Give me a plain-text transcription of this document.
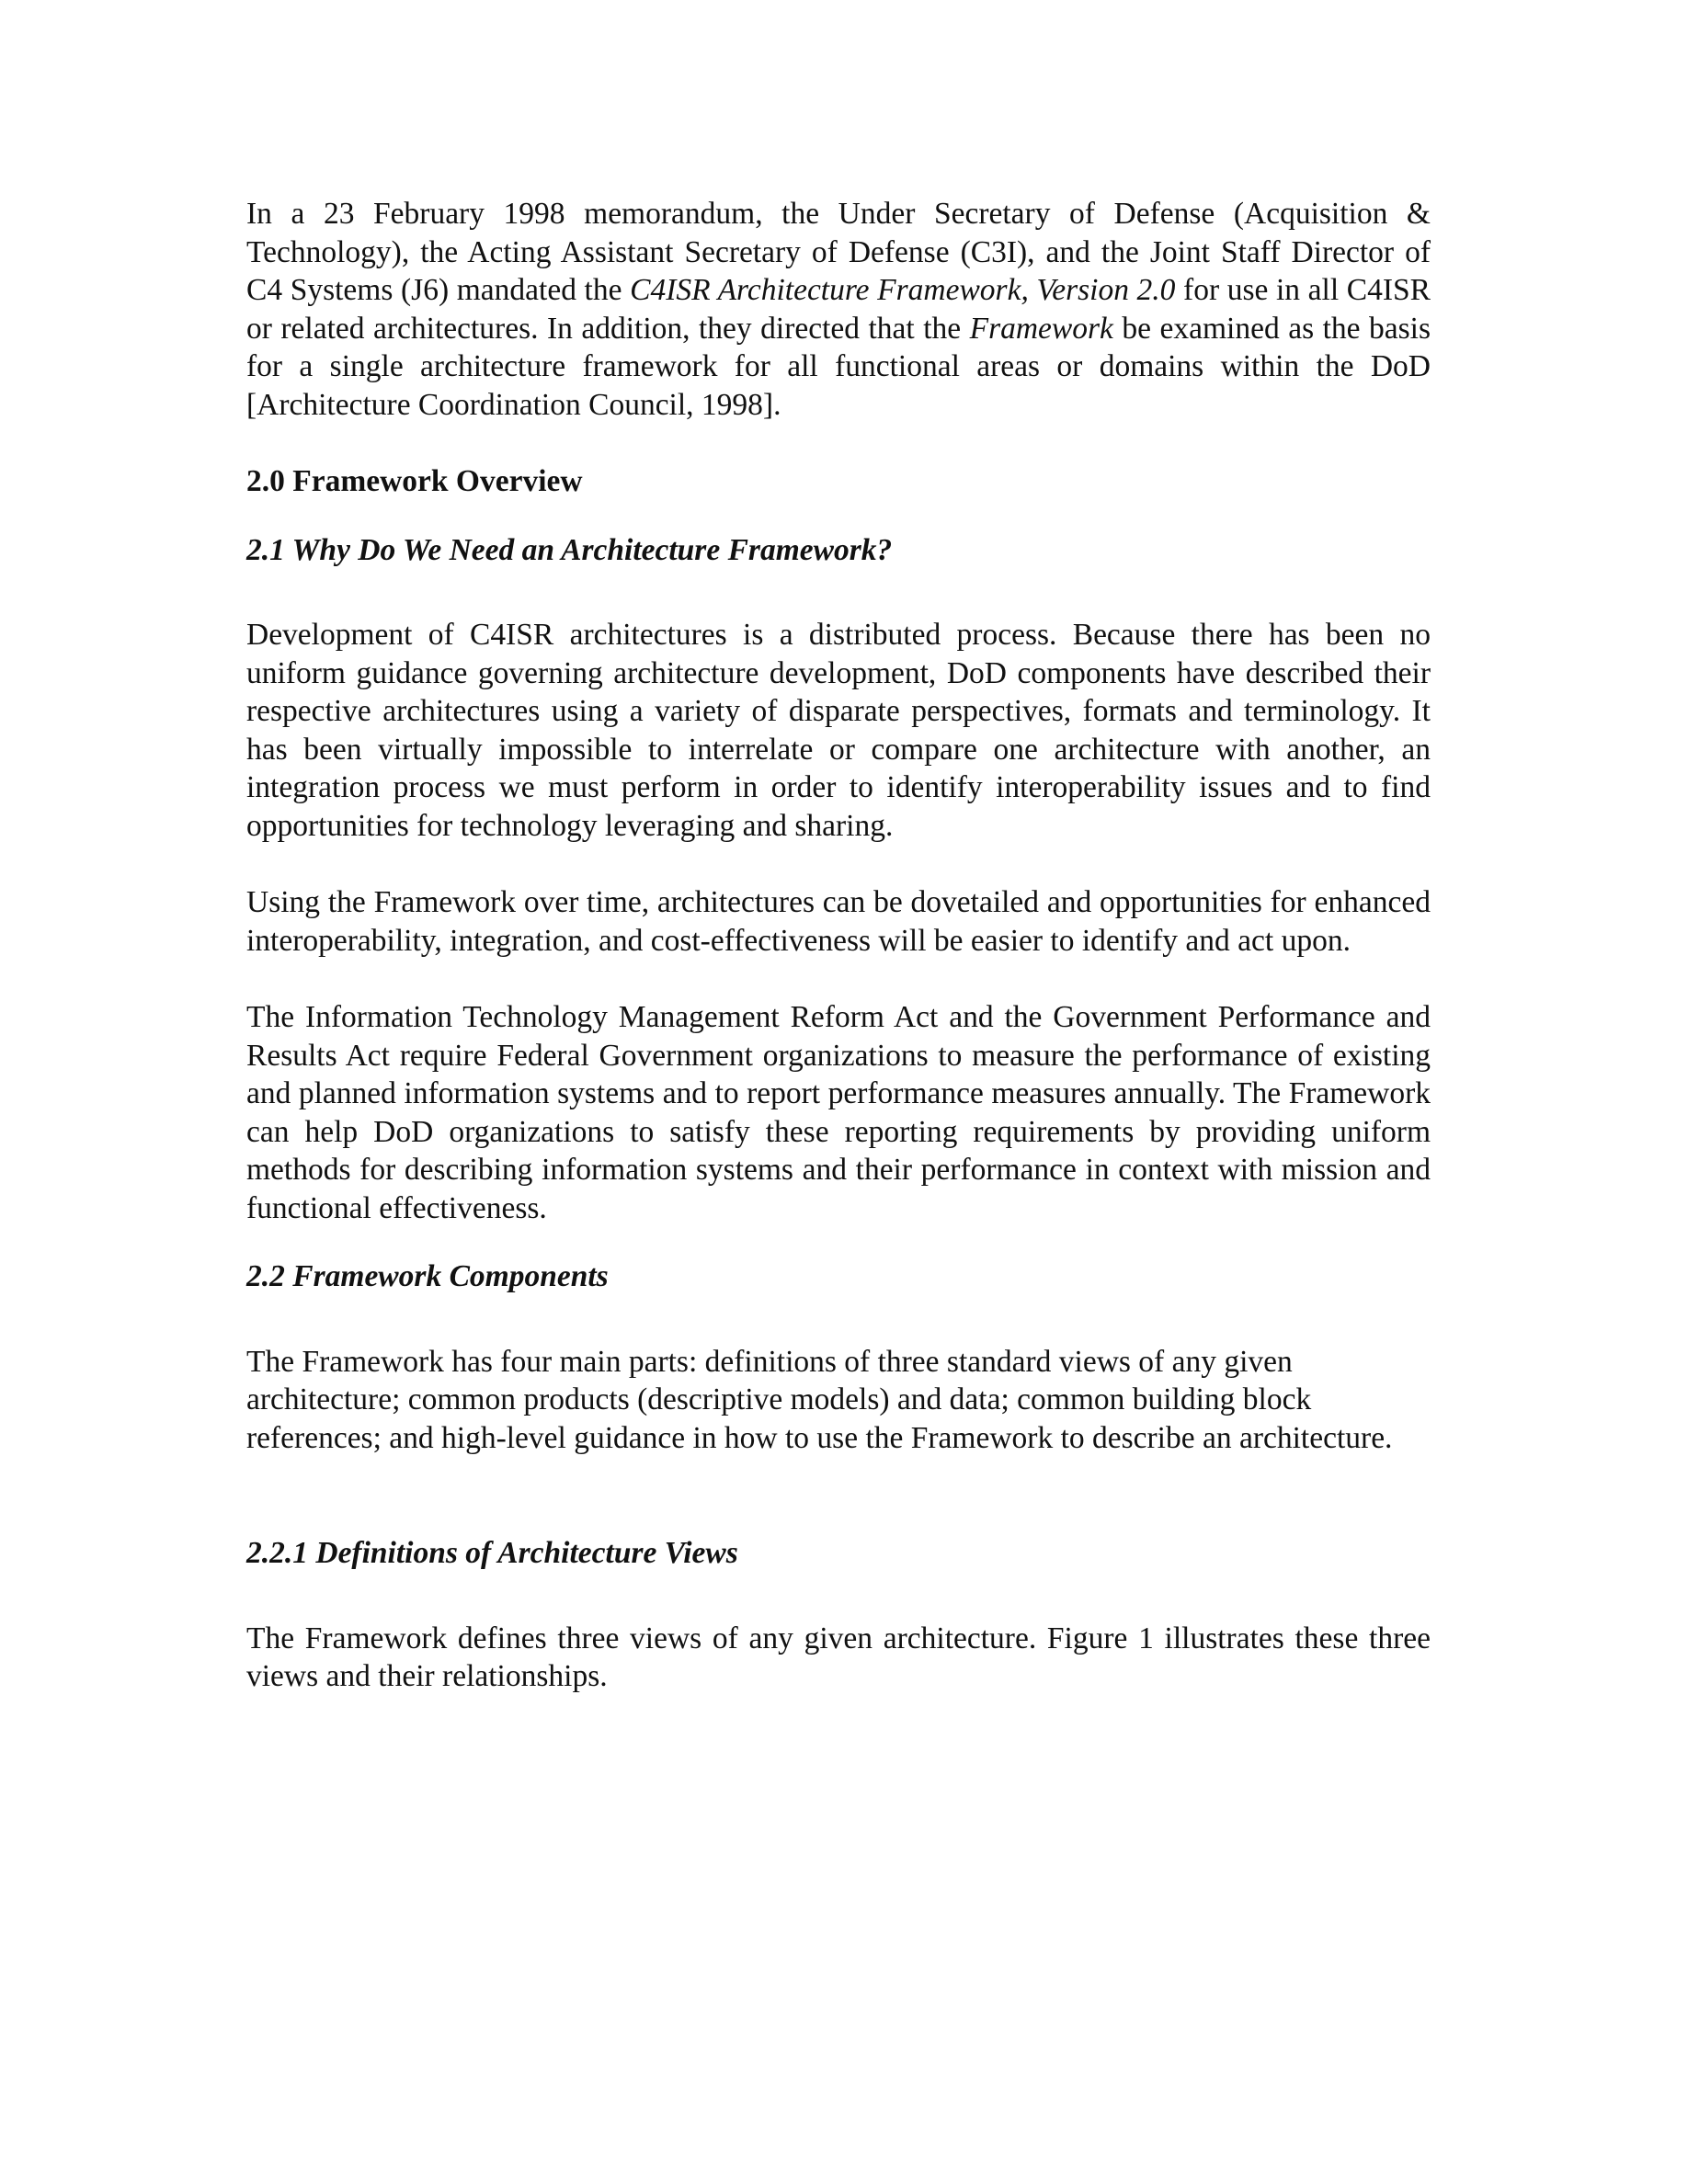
In a 23 February 1998 memorandum, the Under Secretary of Defense (Acquisition & Technology), the Acting Assistant Secretary of Defense (C3I), and the Joint Staff Director of C4 Systems (J6) mandated the C4ISR Architecture Framework, Version 2.0 for use in all C4ISR or related architectures. In addition, they directed that the Framework be examined as the basis for a single architecture framework for all functional areas or domains within the DoD [Architecture Coordination Council, 1998].

2.0 Framework Overview
2.1 Why Do We Need an Architecture Framework?

Development of C4ISR architectures is a distributed process. Because there has been no uniform guidance governing architecture development, DoD components have described their respective architectures using a variety of disparate perspectives, formats and terminology. It has been virtually impossible to interrelate or compare one architecture with another, an integration process we must perform in order to identify interoperability issues and to find opportunities for technology leveraging and sharing.

Using the Framework over time, architectures can be dovetailed and opportunities for enhanced interoperability, integration, and cost-effectiveness will be easier to identify and act upon.

The Information Technology Management Reform Act and the Government Performance and Results Act require Federal Government organizations to measure the performance of existing and planned information systems and to report performance measures annually. The Framework can help DoD organizations to satisfy these reporting requirements by providing uniform methods for describing information systems and their performance in context with mission and functional effectiveness.

2.2 Framework Components

The Framework has four main parts: definitions of three standard views of any given architecture; common products (descriptive models) and data; common building block references; and high-level guidance in how to use the Framework to describe an architecture.

2.2.1 Definitions of Architecture Views

The Framework defines three views of any given architecture. Figure 1 illustrates these three views and their relationships.
